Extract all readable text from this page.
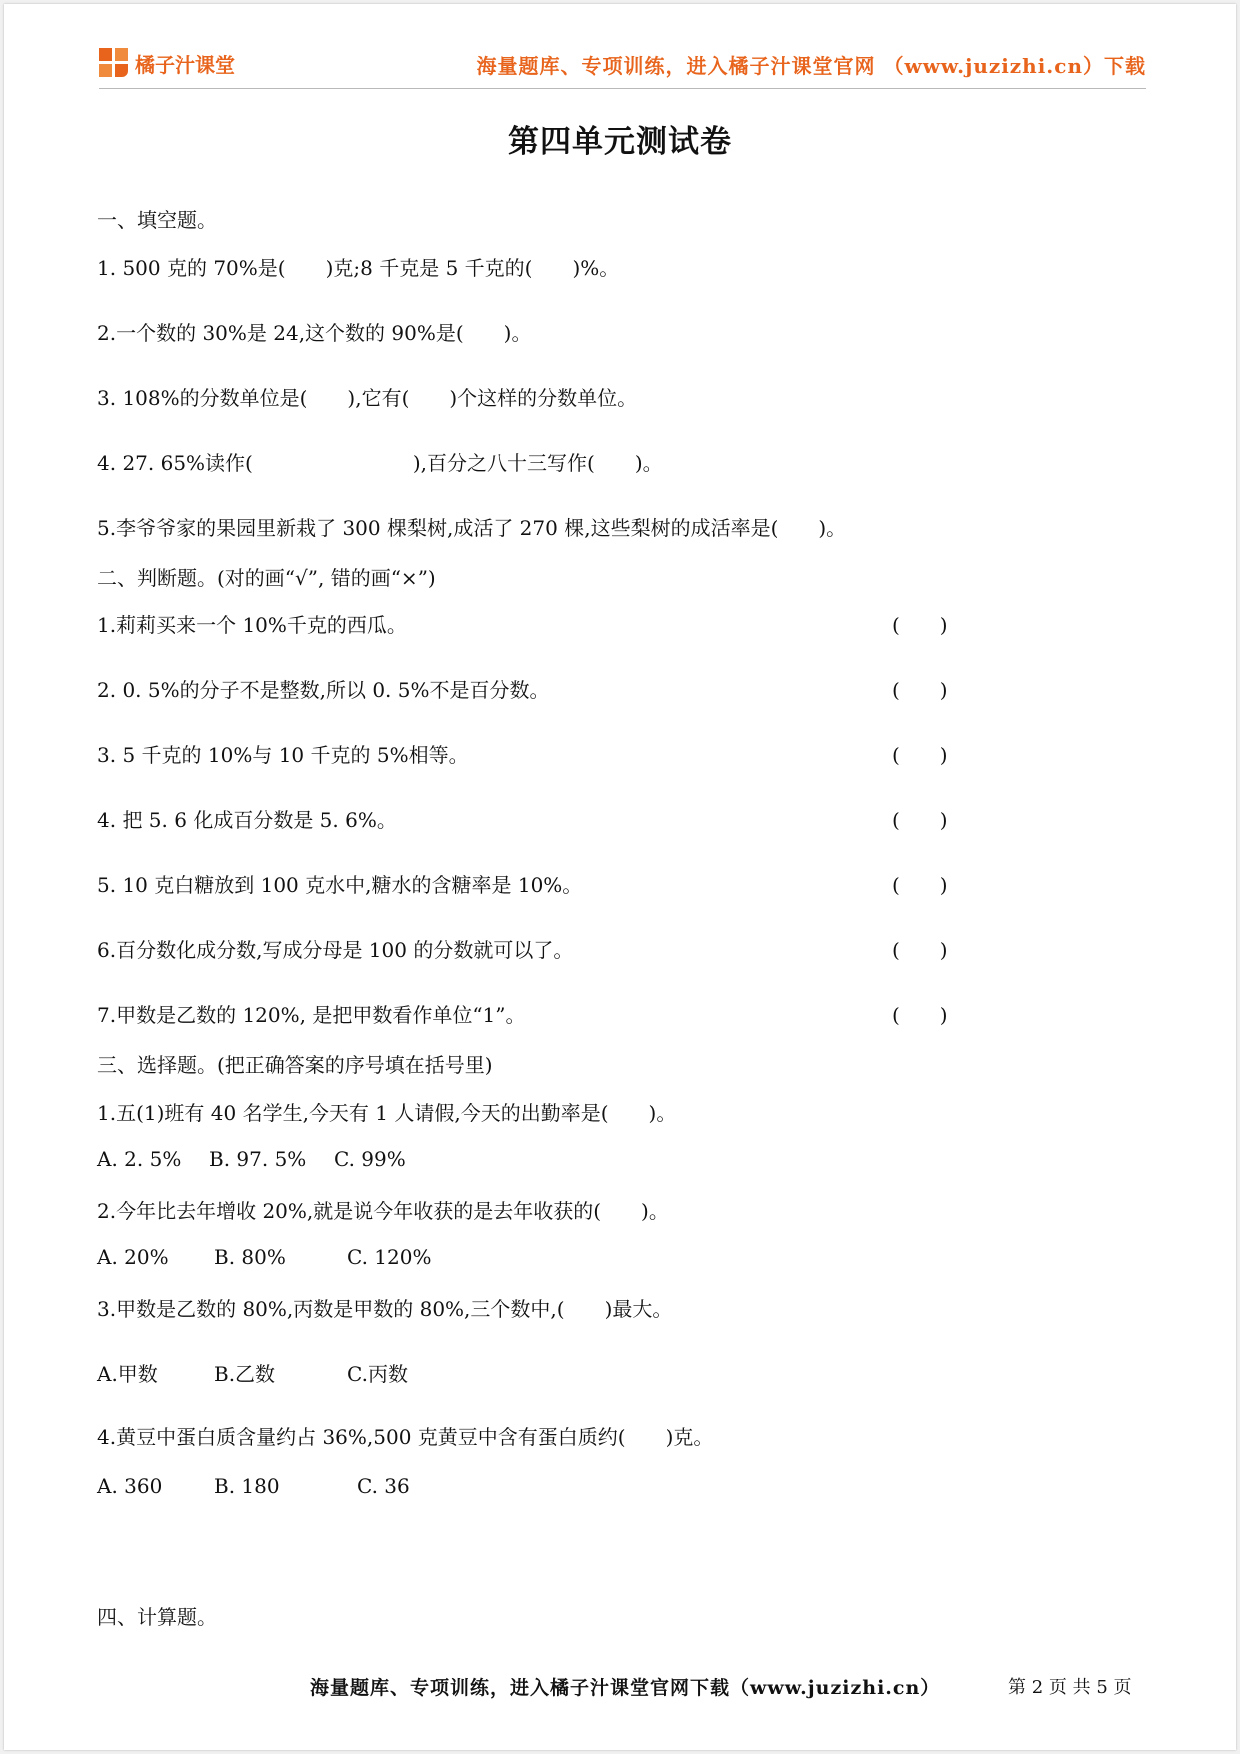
橘子汁课堂	海量题库、专项训练，进入橘子汁课堂官网 （www.juzizhi.cn）下载
第四单元测试卷
一、填空题。
1. 500 克的 70%是(　　)克;8 千克是 5 千克的(　　)%。
2.一个数的 30%是 24,这个数的 90%是(　　)。
3. 108%的分数单位是(　　),它有(　　)个这样的分数单位。
4. 27. 65%读作(　　　　　　　　),百分之八十三写作(　　)。
5.李爷爷家的果园里新栽了 300 棵梨树,成活了 270 棵,这些梨树的成活率是(　　)。
二、判断题。(对的画“√”, 错的画“×”)
1.莉莉买来一个 10%千克的西瓜。	(　　)
2. 0. 5%的分子不是整数,所以 0. 5%不是百分数。	(　　)
3. 5 千克的 10%与 10 千克的 5%相等。	(　　)
4. 把 5. 6 化成百分数是 5. 6%。	(　　)
5. 10 克白糖放到 100 克水中,糖水的含糖率是 10%。	(　　)
6.百分数化成分数,写成分母是 100 的分数就可以了。	(　　)
7.甲数是乙数的 120%, 是把甲数看作单位“1”。	(　　)
三、选择题。(把正确答案的序号填在括号里)
1.五(1)班有 40 名学生,今天有 1 人请假,今天的出勤率是(　　)。
A. 2. 5% B. 97. 5% C. 99%
2.今年比去年增收 20%,就是说今年收获的是去年收获的(　　)。
A. 20% B. 80%	C. 120%
3.甲数是乙数的 80%,丙数是甲数的 80%,三个数中,(　　)最大。
A.甲数	B.乙数	C.丙数
4.黄豆中蛋白质含量约占 36%,500 克黄豆中含有蛋白质约(　　)克。
A. 360	B. 180	C. 36
四、计算题。
海量题库、专项训练，进入橘子汁课堂官网下载（www.juzizhi.cn）	第 2 页 共 5 页
